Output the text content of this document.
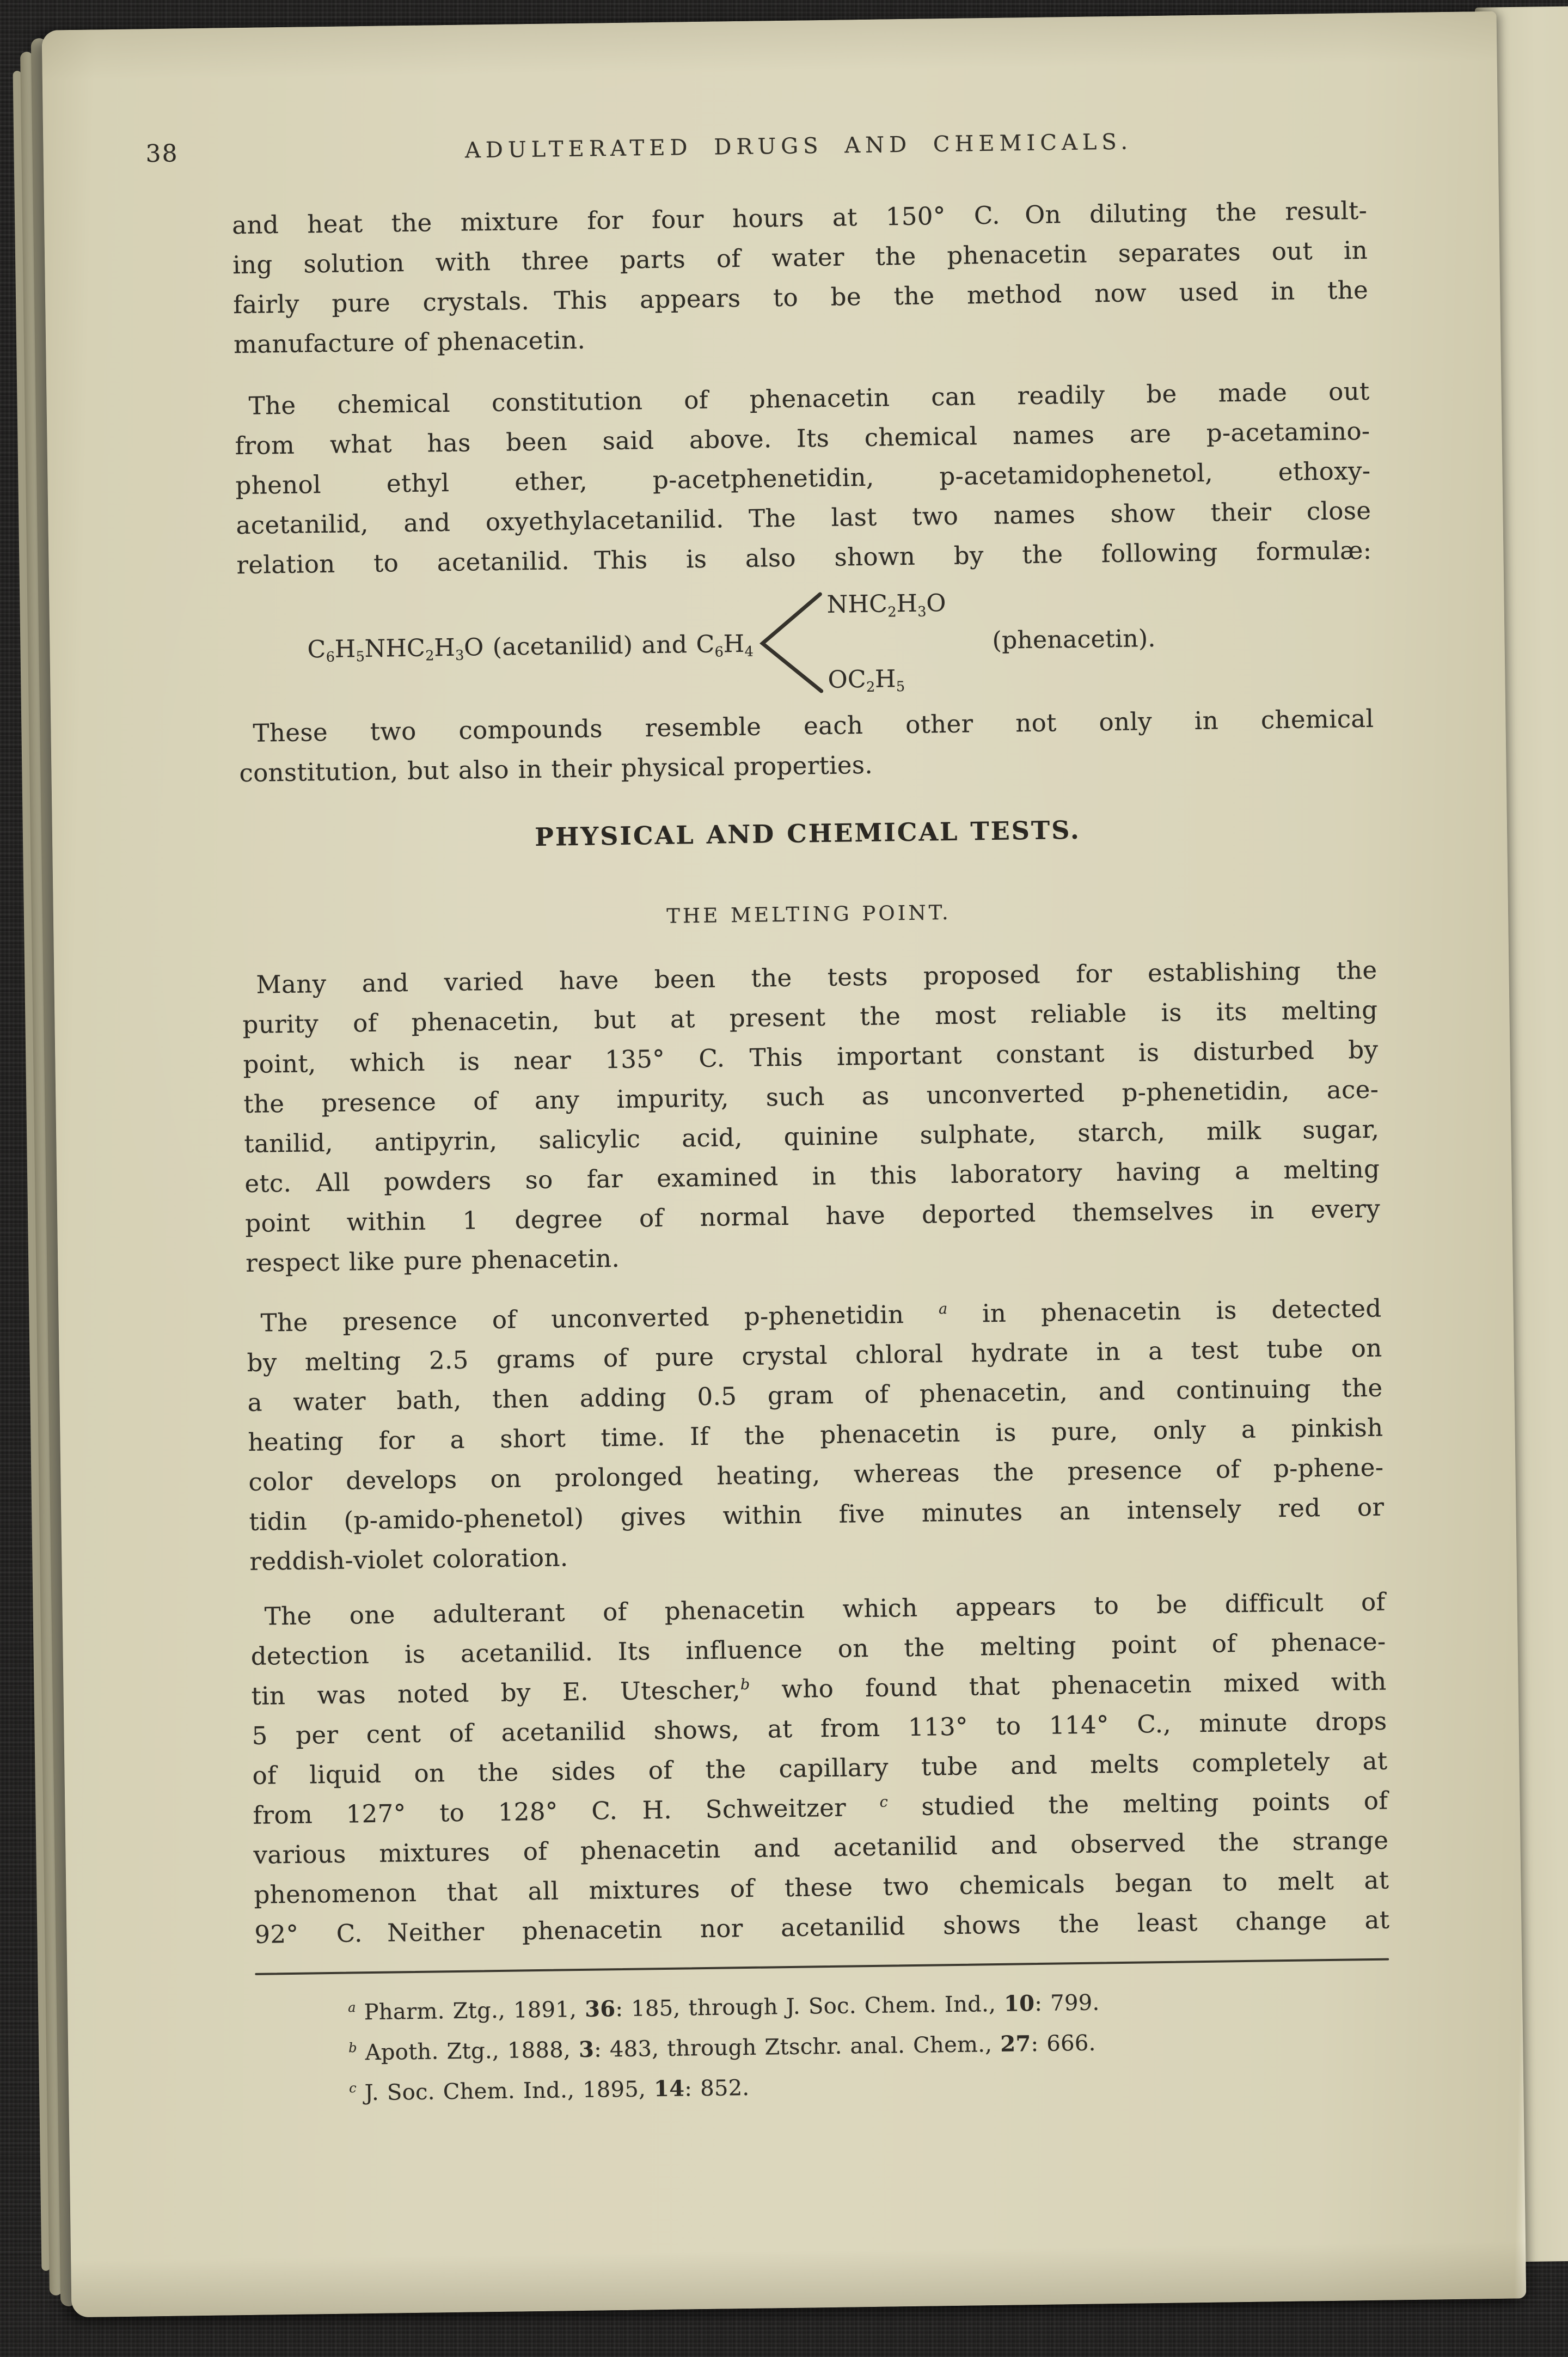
38	ADULTERATED DRUGS AND CHEMICALS.
and heat the mixture for four hours at 150° C. On diluting the result-
ing solution with three parts of water the phenacetin separates out in
fairly pure crystals. This appears to be the method now used in the
manufacture of phenacetin.
The chemical constitution of phenacetin can readily be made out
from what has been said above. Its chemical names are p-acetamino-
phenol ethyl ether, p-acetphenetidin, p-acetamidophenetol, ethoxy-
acetanilid, and oxyethylacetanilid. The last two names show their close
relation to acetanilid. This is also shown by the following formulæ:
$C_6H_5NHC_2H_3O$ (acetanilid) and $C_6H_4$
$NHC_2H_3O$
$OC_2H_5$
(phenacetin).
These two compounds resemble each other not only in chemical
constitution, but also in their physical properties.
PHYSICAL AND CHEMICAL TESTS.
THE MELTING POINT.
Many and varied have been the tests proposed for establishing the
purity of phenacetin, but at present the most reliable is its melting
point, which is near 135° C. This important constant is disturbed by
the presence of any impurity, such as unconverted p-phenetidin, ace-
tanilid, antipyrin, salicylic acid, quinine sulphate, starch, milk sugar,
etc. All powders so far examined in this laboratory having a melting
point within 1 degree of normal have deported themselves in every
respect like pure phenacetin.
The presence of unconverted p-phenetidin $^a$ in phenacetin is detected
by melting 2.5 grams of pure crystal chloral hydrate in a test tube on
a water bath, then adding 0.5 gram of phenacetin, and continuing the
heating for a short time. If the phenacetin is pure, only a pinkish
color develops on prolonged heating, whereas the presence of p-phene-
tidin (p-amido-phenetol) gives within five minutes an intensely red or
reddish-violet coloration.
The one adulterant of phenacetin which appears to be difficult of
detection is acetanilid. Its influence on the melting point of phenace-
tin was noted by E. Utescher,$^b$ who found that phenacetin mixed with
5 per cent of acetanilid shows, at from 113° to 114° C., minute drops
of liquid on the sides of the capillary tube and melts completely at
from 127° to 128° C. H. Schweitzer $^c$ studied the melting points of
various mixtures of phenacetin and acetanilid and observed the strange
phenomenon that all mixtures of these two chemicals began to melt at
92° C. Neither phenacetin nor acetanilid shows the least change at
$^a$ Pharm. Ztg., 1891, 36: 185, through J. Soc. Chem. Ind., 10: 799.
$^b$ Apoth. Ztg., 1888, 3: 483, through Ztschr. anal. Chem., 27: 666.
$^c$ J. Soc. Chem. Ind., 1895, 14: 852.
